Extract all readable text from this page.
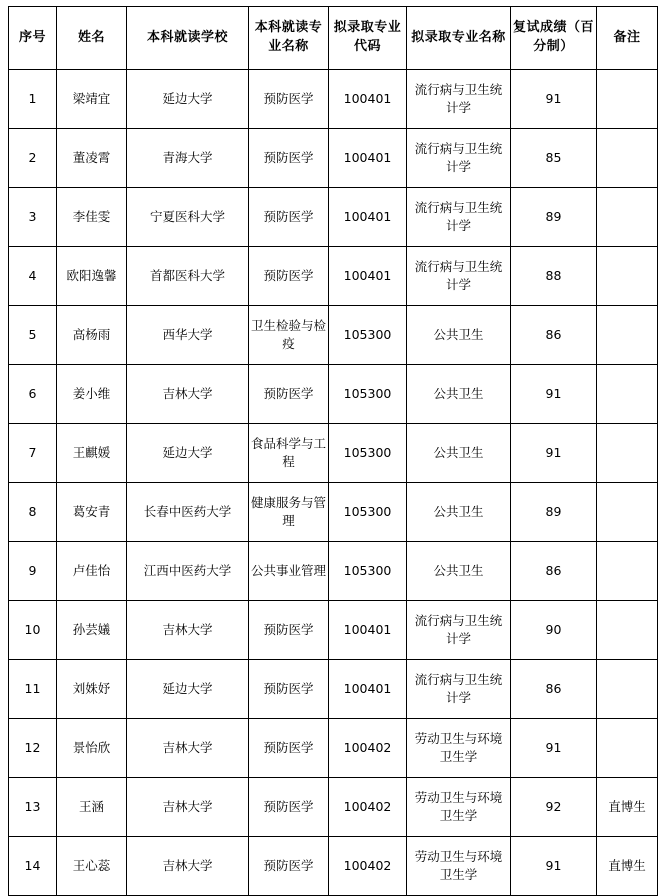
序号	姓名	本科就读学校	本科就读专业名称	拟录取专业代码	拟录取专业名称	复试成绩（百分制）	备注
1	梁靖宜	延边大学	预防医学	100401	流行病与卫生统计学	91	
2	董凌霄	青海大学	预防医学	100401	流行病与卫生统计学	85	
3	李佳雯	宁夏医科大学	预防医学	100401	流行病与卫生统计学	89	
4	欧阳逸馨	首都医科大学	预防医学	100401	流行病与卫生统计学	88	
5	高杨雨	西华大学	卫生检验与检疫	105300	公共卫生	86	
6	姜小维	吉林大学	预防医学	105300	公共卫生	91	
7	王麒媛	延边大学	食品科学与工程	105300	公共卫生	91	
8	葛安青	长春中医药大学	健康服务与管理	105300	公共卫生	89	
9	卢佳怡	江西中医药大学	公共事业管理	105300	公共卫生	86	
10	孙芸嬟	吉林大学	预防医学	100401	流行病与卫生统计学	90	
11	刘姝妤	延边大学	预防医学	100401	流行病与卫生统计学	86	
12	景怡欣	吉林大学	预防医学	100402	劳动卫生与环境卫生学	91	
13	王涵	吉林大学	预防医学	100402	劳动卫生与环境卫生学	92	直博生
14	王心蕊	吉林大学	预防医学	100402	劳动卫生与环境卫生学	91	直博生
